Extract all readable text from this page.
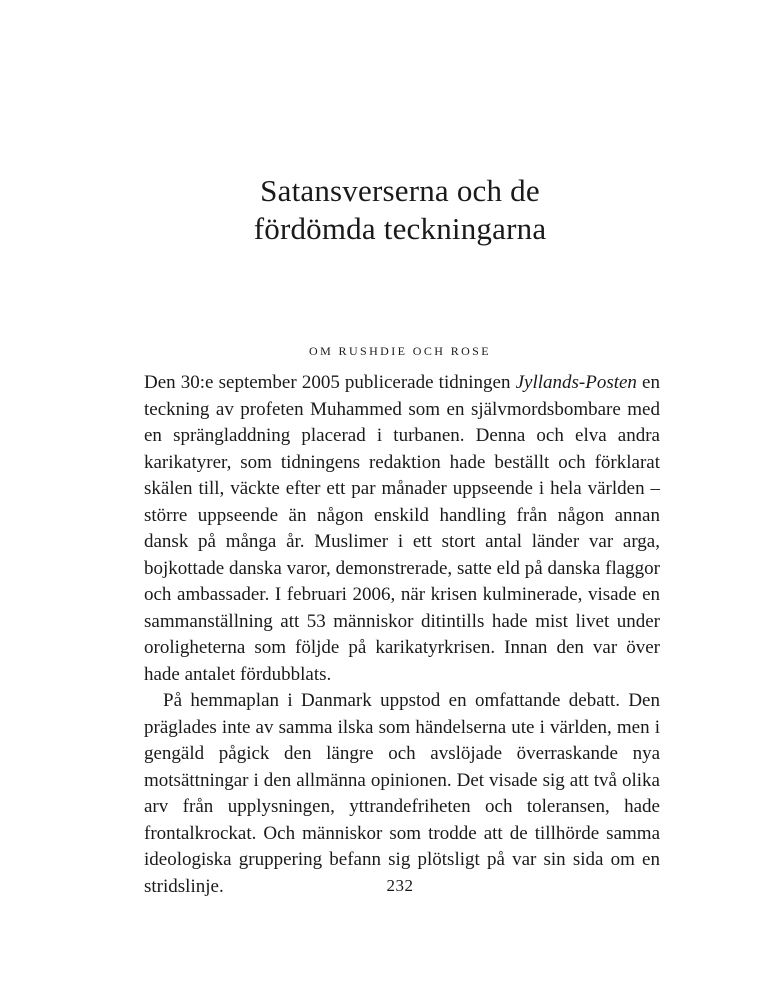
Satansverserna och de
fördömda teckningarna
OM RUSHDIE OCH ROSE

Den 30:e september 2005 publicerade tidningen Jyllands-Posten en teckning av profeten Muhammed som en självmordsbombare med en sprängladdning placerad i turbanen. Denna och elva andra karikatyrer, som tidningens redaktion hade beställt och förklarat skälen till, väckte efter ett par månader uppseende i hela världen – större uppseende än någon enskild handling från någon annan dansk på många år. Muslimer i ett stort antal länder var arga, bojkottade danska varor, demonstrerade, satte eld på danska flaggor och ambassader. I februari 2006, när krisen kulminerade, visade en sammanställning att 53 människor ditintills hade mist livet under oroligheterna som följde på karikatyrkrisen. Innan den var över hade antalet fördubblats.

På hemmaplan i Danmark uppstod en omfattande debatt. Den präglades inte av samma ilska som händelserna ute i världen, men i gengäld pågick den längre och avslöjade överraskande nya motsättningar i den allmänna opinionen. Det visade sig att två olika arv från upplysningen, yttrandefriheten och toleransen, hade frontalkrockat. Och människor som trodde att de tillhörde samma ideologiska gruppering befann sig plötsligt på var sin sida om en stridslinje.	232
